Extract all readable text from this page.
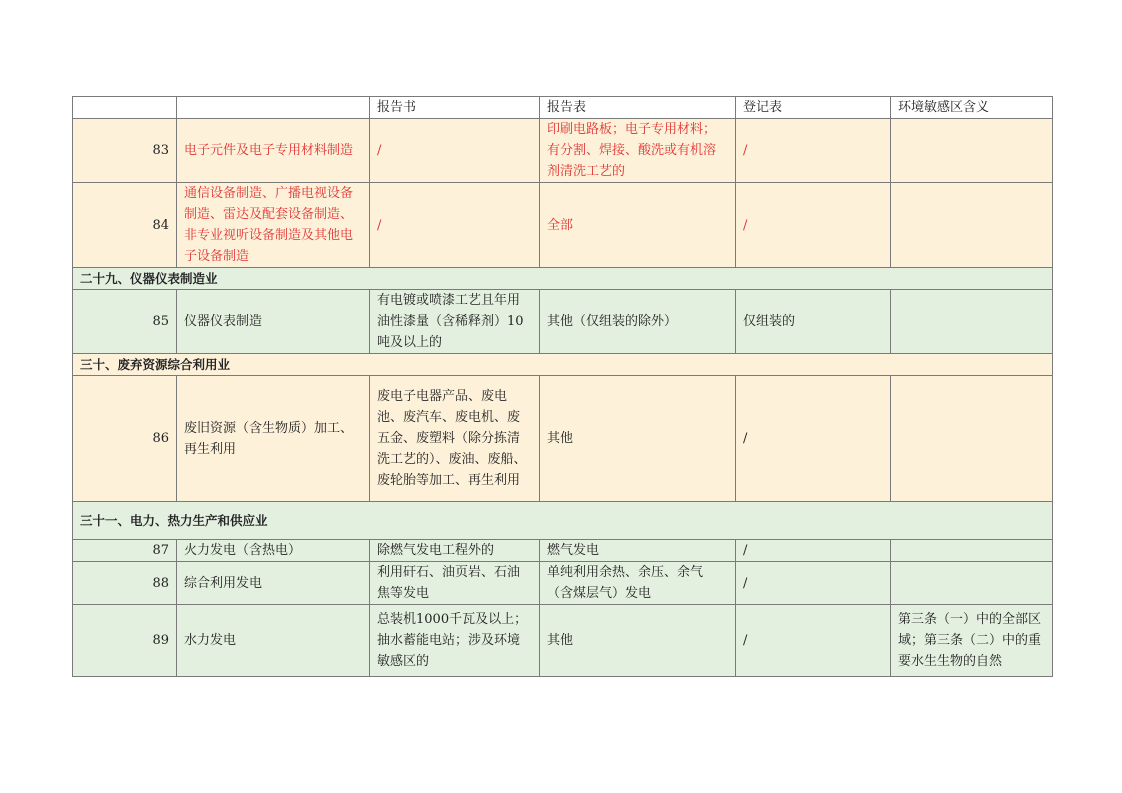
		报告书	报告表	登记表	环境敏感区含义
83	电子元件及电子专用材料制造	/	印刷电路板；电子专用材料；有分割、焊接、酸洗或有机溶剂清洗工艺的	/	
84	通信设备制造、广播电视设备制造、雷达及配套设备制造、非专业视听设备制造及其他电子设备制造	/	全部	/	
二十九、仪器仪表制造业					
85	仪器仪表制造	有电镀或喷漆工艺且年用油性漆量（含稀释剂）10吨及以上的	其他（仅组装的除外）	仅组装的	
三十、废弃资源综合利用业					
86	废旧资源（含生物质）加工、再生利用	废电子电器产品、废电池、废汽车、废电机、废五金、废塑料（除分拣清洗工艺的）、废油、废船、废轮胎等加工、再生利用	其他	/	
三十一、电力、热力生产和供应业					
87	火力发电（含热电）	除燃气发电工程外的	燃气发电	/	
88	综合利用发电	利用矸石、油页岩、石油焦等发电	单纯利用余热、余压、余气（含煤层气）发电	/	
89	水力发电	总装机1000千瓦及以上；抽水蓄能电站；涉及环境敏感区的	其他	/	第三条（一）中的全部区域；第三条（二）中的重要水生生物的自然
